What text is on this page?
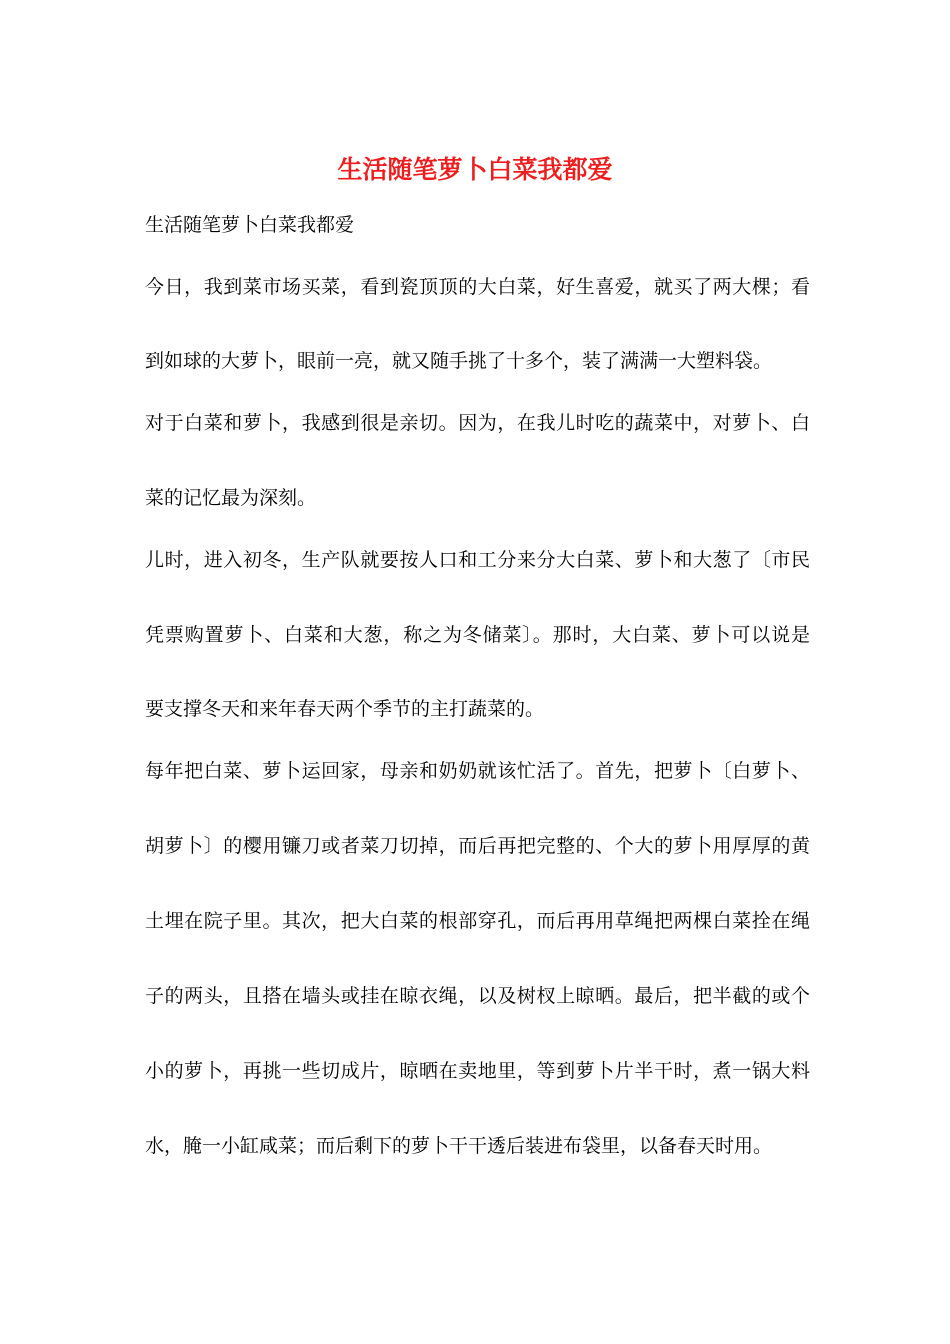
生活随笔萝卜白菜我都爱
生活随笔萝卜白菜我都爱
今日，我到菜市场买菜，看到瓷顶顶的大白菜，好生喜爱，就买了两大棵；看
到如球的大萝卜，眼前一亮，就又随手挑了十多个，装了满满一大塑料袋。
对于白菜和萝卜，我感到很是亲切。因为，在我儿时吃的蔬菜中，对萝卜、白
菜的记忆最为深刻。
儿时，进入初冬，生产队就要按人口和工分来分大白菜、萝卜和大葱了〔市民
凭票购置萝卜、白菜和大葱，称之为冬储菜〕。那时，大白菜、萝卜可以说是
要支撑冬天和来年春天两个季节的主打蔬菜的。
每年把白菜、萝卜运回家，母亲和奶奶就该忙活了。首先，把萝卜〔白萝卜、
胡萝卜〕的樱用镰刀或者菜刀切掉，而后再把完整的、个大的萝卜用厚厚的黄
土埋在院子里。其次，把大白菜的根部穿孔，而后再用草绳把两棵白菜拴在绳
子的两头，且搭在墙头或挂在晾衣绳，以及树杈上晾晒。最后，把半截的或个
小的萝卜，再挑一些切成片，晾晒在卖地里，等到萝卜片半干时，煮一锅大料
水，腌一小缸咸菜；而后剩下的萝卜干干透后装进布袋里，以备春天时用。
